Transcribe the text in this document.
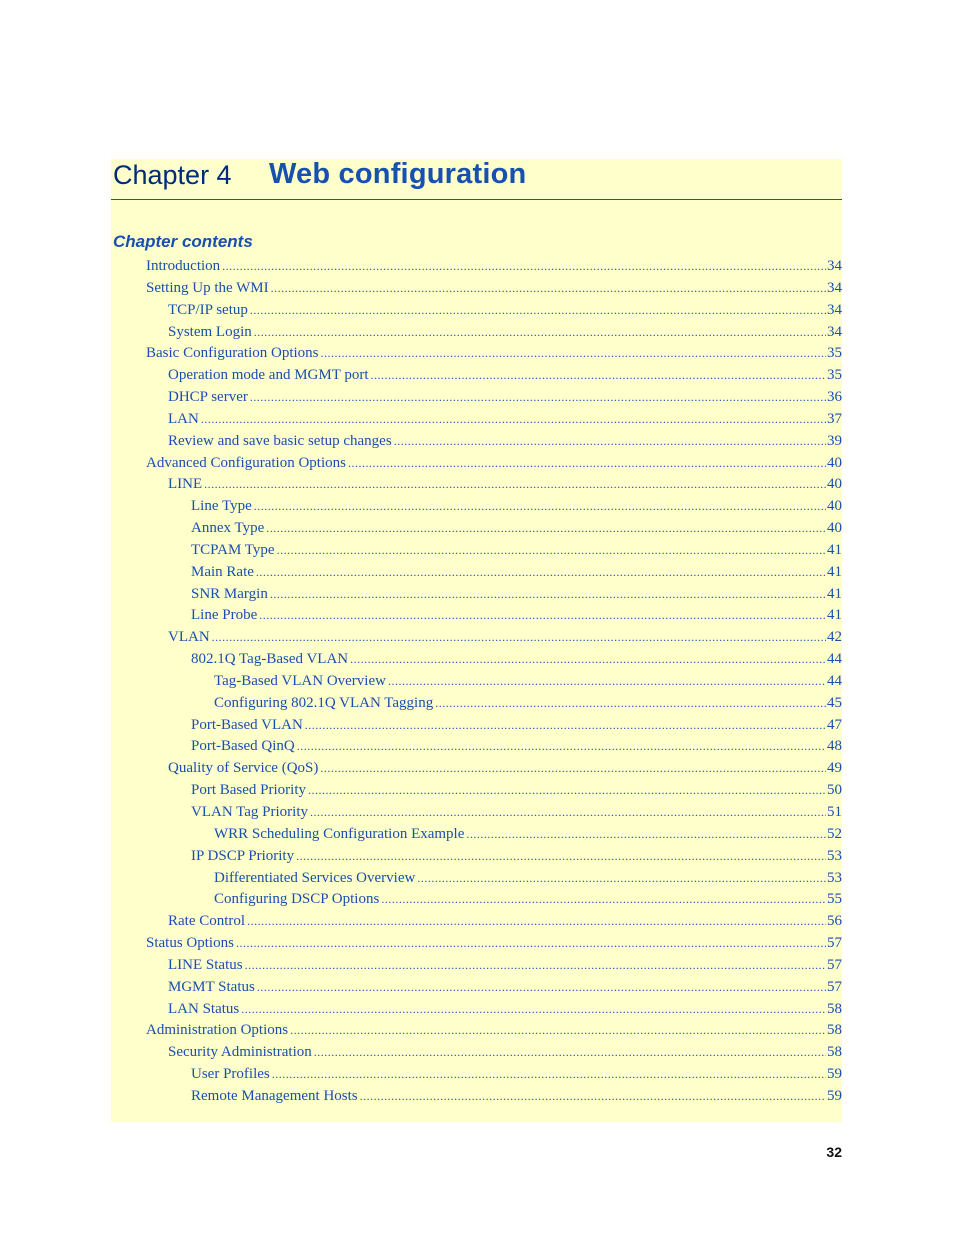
Chapter 4 Web configuration
Chapter contents
Introduction .....	34
Setting Up the WMI .....	34
TCP/IP setup .....	34
System Login .....	34
Basic Configuration Options .....	35
Operation mode and MGMT port .....	35
DHCP server .....	36
LAN .....	37
Review and save basic setup changes .....	39
Advanced Configuration Options .....	40
LINE .....	40
Line Type .....	40
Annex Type .....	40
TCPAM Type .....	41
Main Rate .....	41
SNR Margin .....	41
Line Probe .....	41
VLAN .....	42
802.1Q Tag-Based VLAN .....	44
Tag-Based VLAN Overview .....	44
Configuring 802.1Q VLAN Tagging .....	45
Port-Based VLAN .....	47
Port-Based QinQ .....	48
Quality of Service (QoS) .....	49
Port Based Priority .....	50
VLAN Tag Priority .....	51
WRR Scheduling Configuration Example .....	52
IP DSCP Priority .....	53
Differentiated Services Overview .....	53
Configuring DSCP Options .....	55
Rate Control .....	56
Status Options .....	57
LINE Status .....	57
MGMT Status .....	57
LAN Status .....	58
Administration Options .....	58
Security Administration .....	58
User Profiles .....	59
Remote Management Hosts .....	59
32
